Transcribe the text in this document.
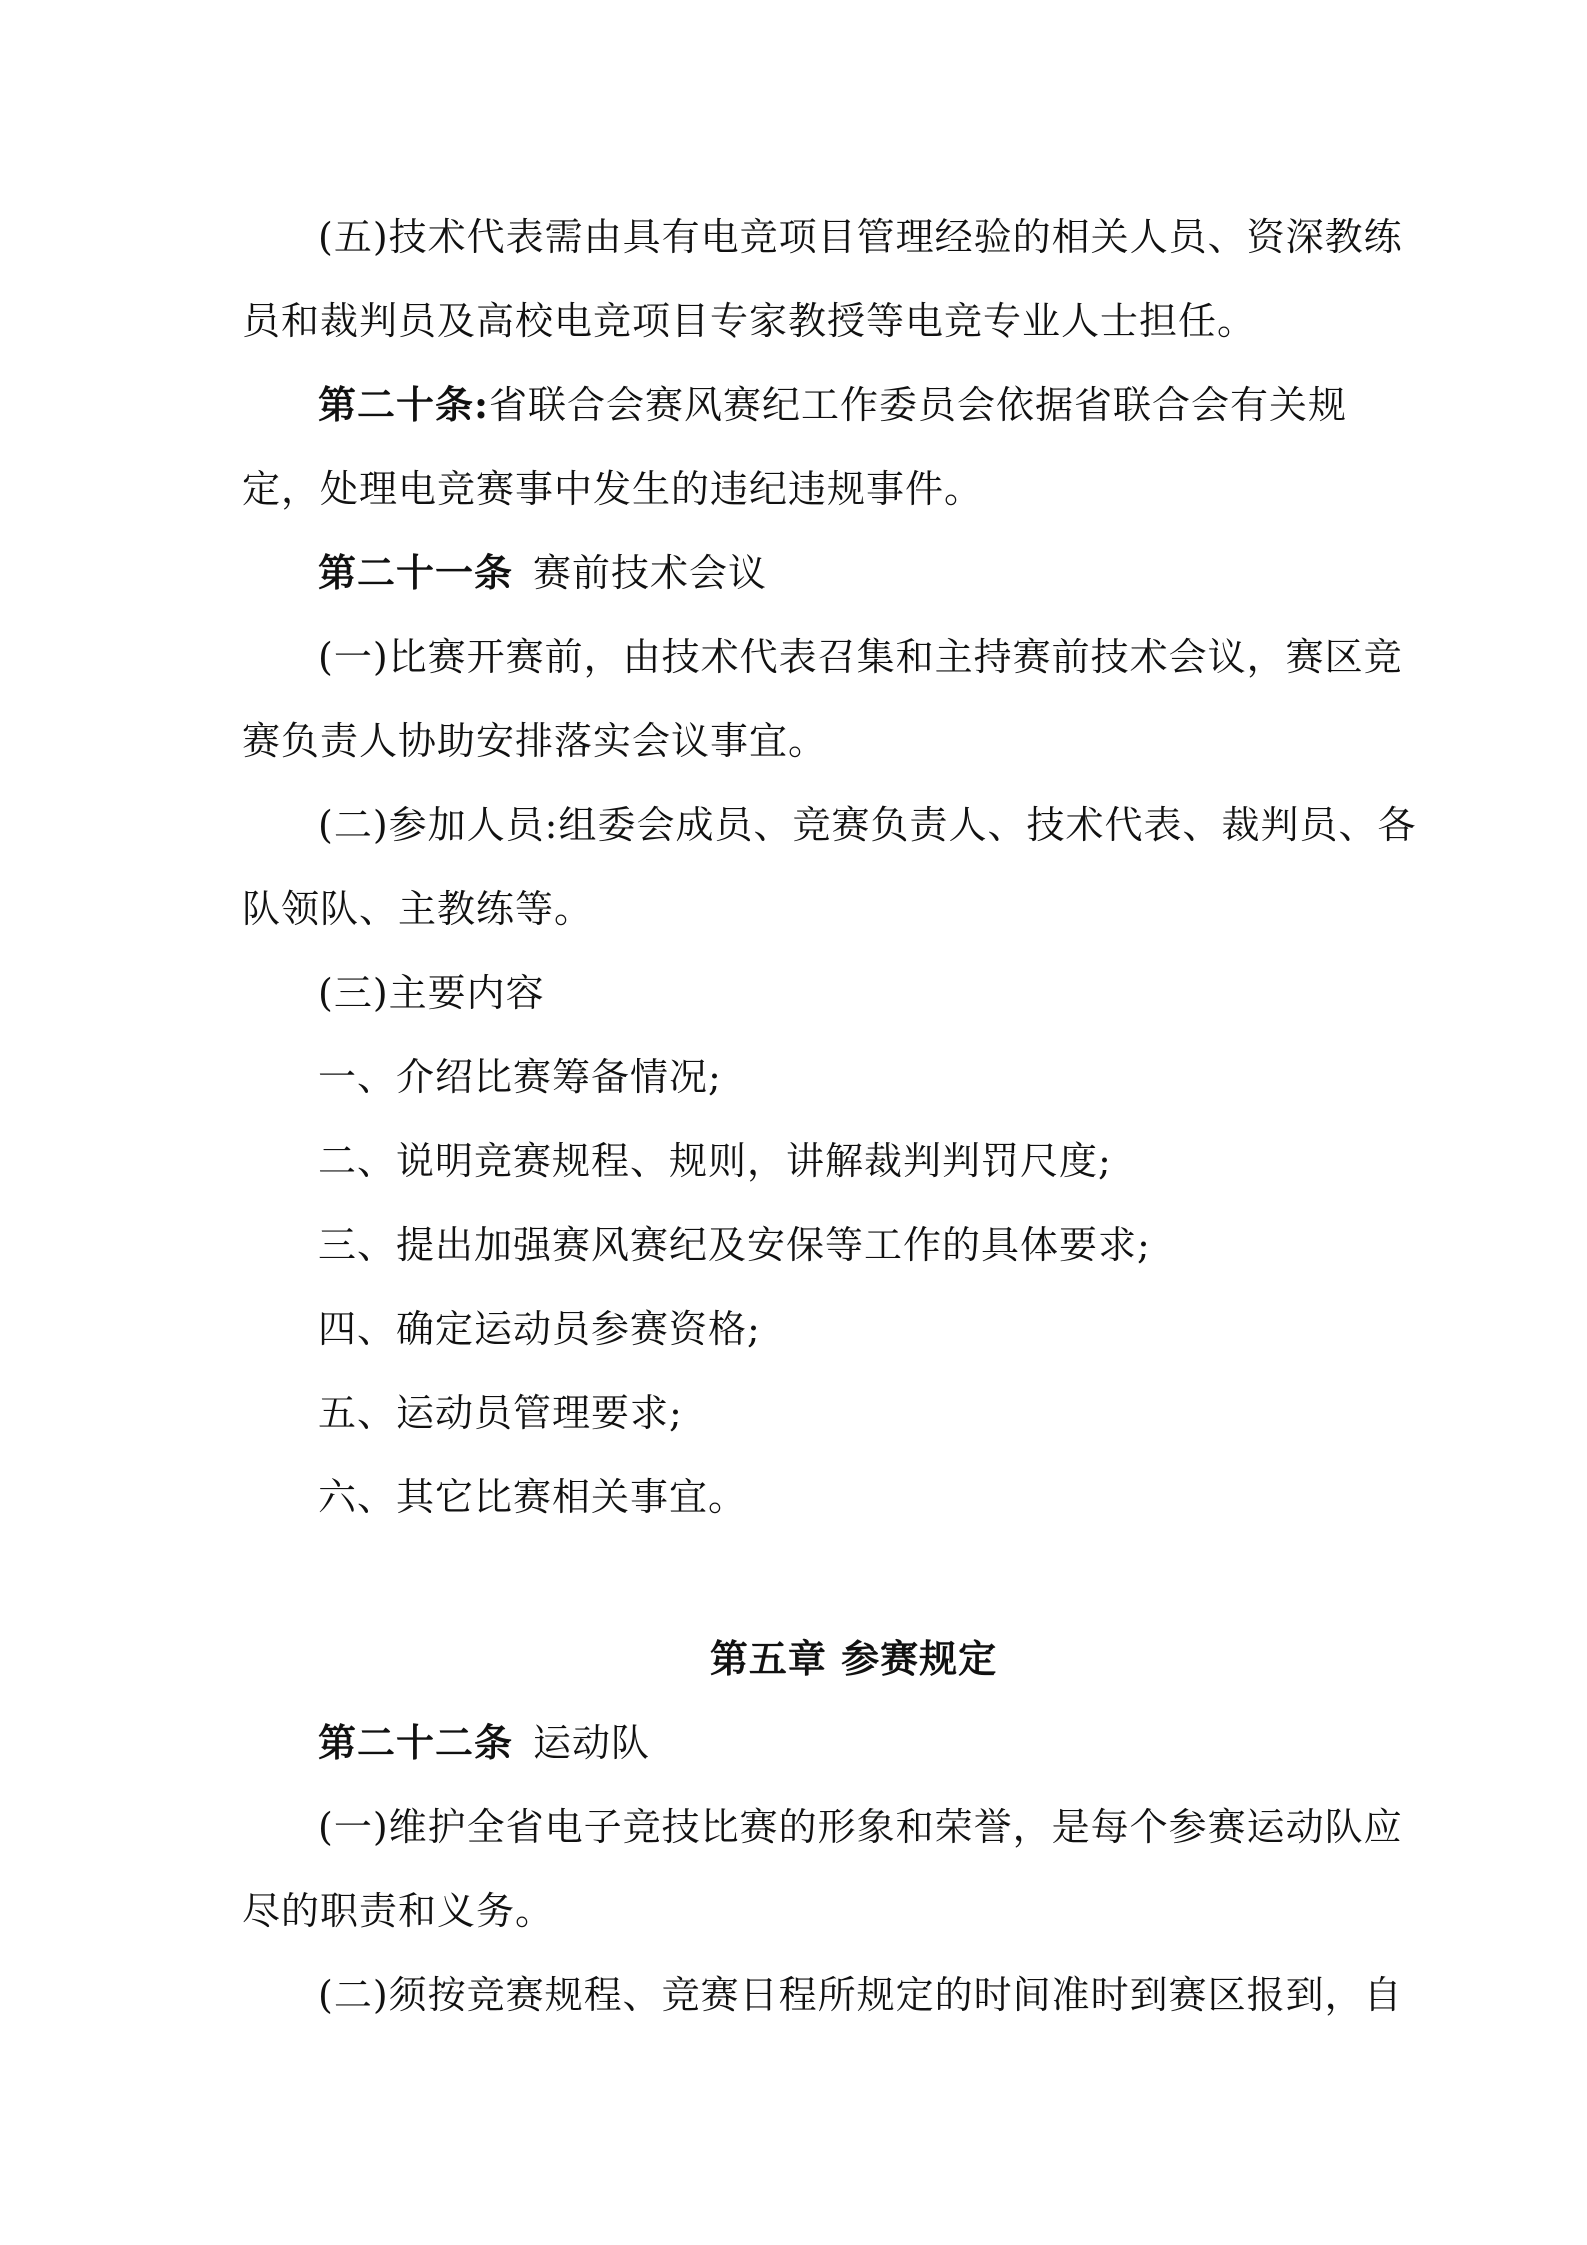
(五)技术代表需由具有电竞项目管理经验的相关人员、资深教练
员和裁判员及高校电竞项目专家教授等电竞专业人士担任。
第二十条:省联合会赛风赛纪工作委员会依据省联合会有关规
定，处理电竞赛事中发生的违纪违规事件。
第二十一条 赛前技术会议
(一)比赛开赛前，由技术代表召集和主持赛前技术会议，赛区竞
赛负责人协助安排落实会议事宜。
(二)参加人员:组委会成员、竞赛负责人、技术代表、裁判员、各
队领队、主教练等。
(三)主要内容
一、介绍比赛筹备情况;
二、说明竞赛规程、规则，讲解裁判判罚尺度;
三、提出加强赛风赛纪及安保等工作的具体要求;
四、确定运动员参赛资格;
五、运动员管理要求;
六、其它比赛相关事宜。
第五章 参赛规定
第二十二条 运动队
(一)维护全省电子竞技比赛的形象和荣誉，是每个参赛运动队应
尽的职责和义务。
(二)须按竞赛规程、竞赛日程所规定的时间准时到赛区报到，自
